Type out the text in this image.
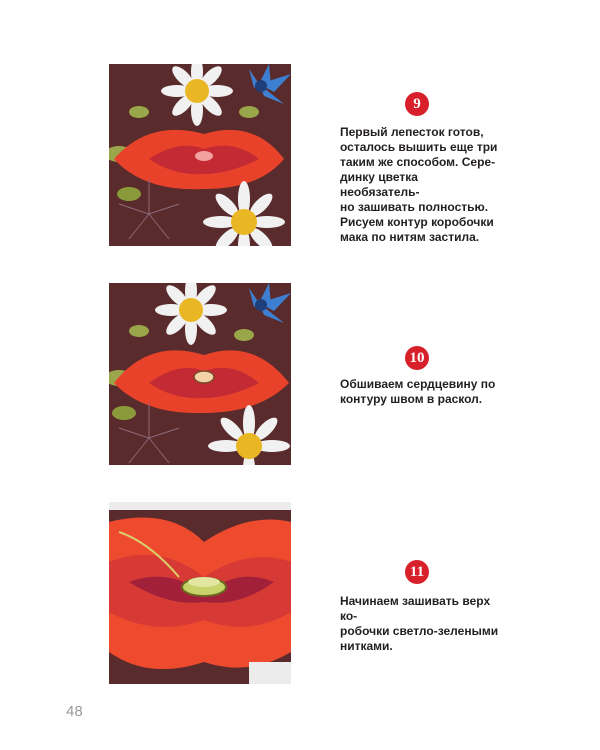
9
10
11
Первый лепесток готов,
осталось вышить еще три
таким же способом. Сере-
динку цветка необязатель-
но зашивать полностью.
Рисуем контур коробочки
мака по нитям застила.
Обшиваем сердцевину по
контуру швом в раскол.
Начинаем зашивать верх ко-
робочки светло-зелеными
нитками.
48
